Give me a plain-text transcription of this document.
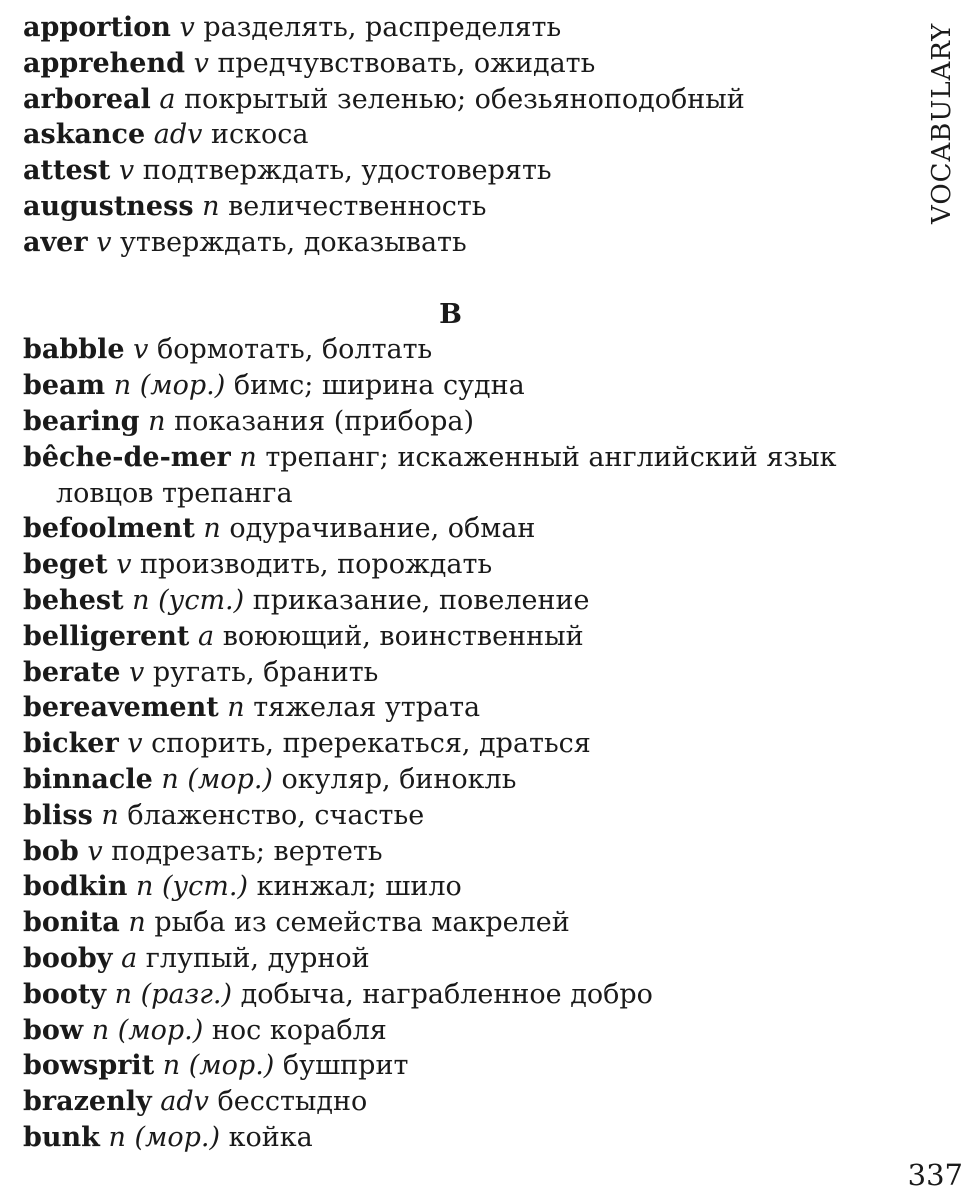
apportion v разделять, распределять

apprehend v предчувствовать, ожидать

arboreal a покрытый зеленью; обезьяноподобный

askance adv искоса

attest v подтверждать, удостоверять

augustness n величественность

aver v утверждать, доказывать

B

babble v бормотать, болтать

beam n (мор.) бимс; ширина судна

bearing n показания (прибора)

bêche-de-mer n трепанг; искаженный английский язык ловцов трепанга

befoolment n одурачивание, обман

beget v производить, порождать

behest n (уст.) приказание, повеление

belligerent a воюющий, воинственный

berate v ругать, бранить

bereavement n тяжелая утрата

bicker v спорить, пререкаться, драться

binnacle n (мор.) окуляр, бинокль

bliss n блаженство, счастье

bob v подрезать; вертеть

bodkin n (уст.) кинжал; шило

bonita n рыба из семейства макрелей

booby a глупый, дурной

booty n (разг.) добыча, награбленное добро

bow n (мор.) нос корабля

bowsprit n (мор.) бушприт

brazenly adv бесстыдно

bunk n (мор.) койка

VOCABULARY
337
